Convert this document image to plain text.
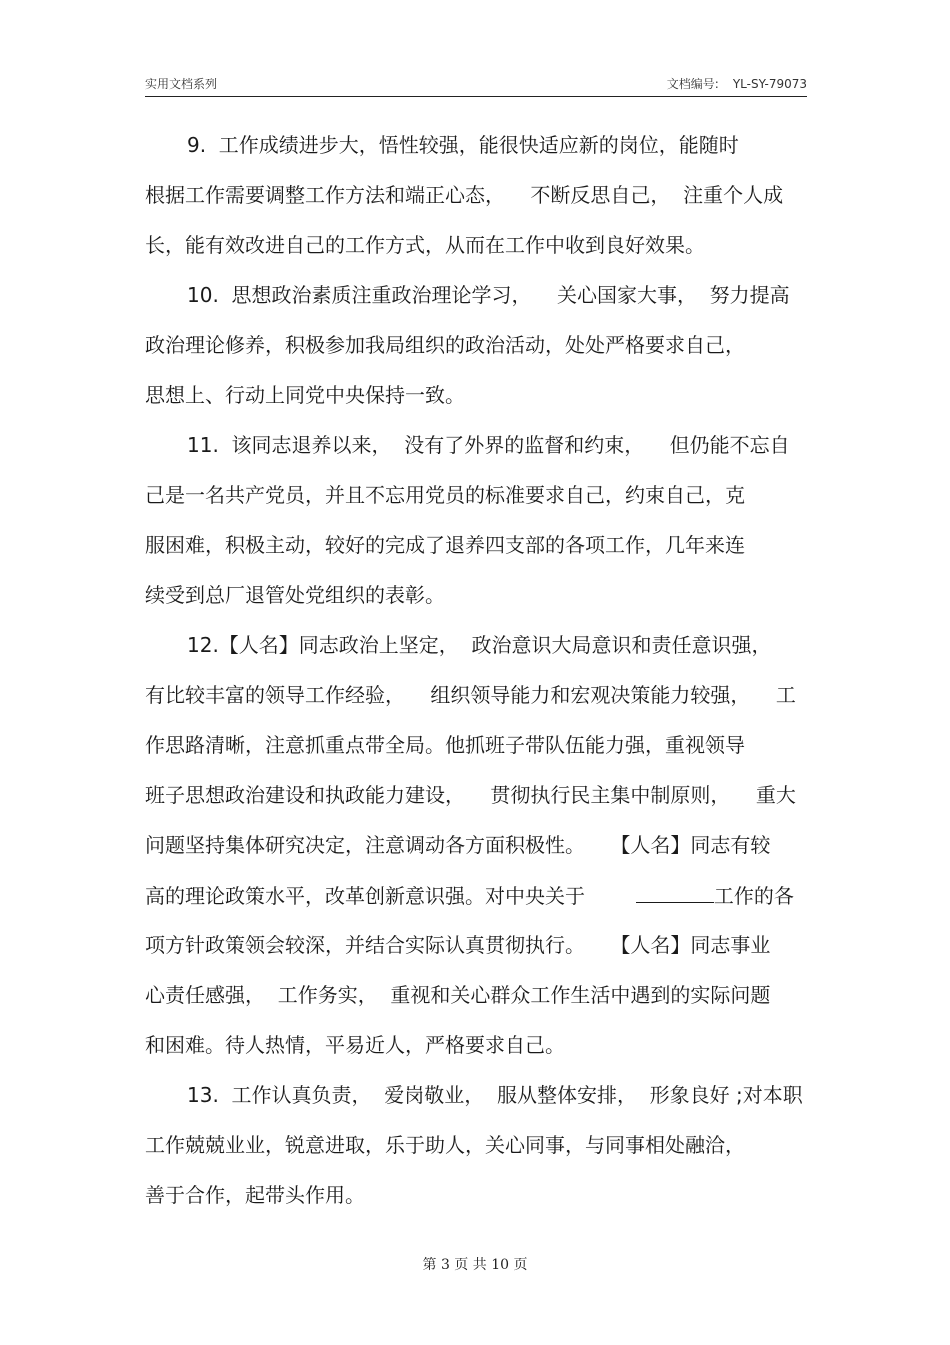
实用文档系列	文档编号: YL-SY-79073
9.  工作成绩进步大，悟性较强，能很快适应新的岗位，能随时
根据工作需要调整工作方法和端正心态，    不断反思自己，  注重个人成
长，能有效改进自己的工作方式，从而在工作中收到良好效果。
10.  思想政治素质注重政治理论学习，    关心国家大事，  努力提高
政治理论修养，积极参加我局组织的政治活动，处处严格要求自己，
思想上、行动上同党中央保持一致。
11.  该同志退养以来，  没有了外界的监督和约束，    但仍能不忘自
己是一名共产党员，并且不忘用党员的标准要求自己，约束自己，克
服困难，积极主动，较好的完成了退养四支部的各项工作，几年来连
续受到总厂退管处党组织的表彰。
12.【人名】同志政治上坚定，  政治意识大局意识和责任意识强，
有比较丰富的领导工作经验，    组织领导能力和宏观决策能力较强，    工
作思路清晰，注意抓重点带全局。他抓班子带队伍能力强，重视领导
班子思想政治建设和执政能力建设，    贯彻执行民主集中制原则，    重大
问题坚持集体研究决定，注意调动各方面积极性。    【人名】同志有较
高的理论政策水平，改革创新意识强。对中央关于	工作的各
项方针政策领会较深，并结合实际认真贯彻执行。    【人名】同志事业
心责任感强，  工作务实，  重视和关心群众工作生活中遇到的实际问题
和困难。待人热情，平易近人，严格要求自己。
13.  工作认真负责，  爱岗敬业，  服从整体安排，  形象良好 ;对本职
工作兢兢业业，锐意进取，乐于助人，关心同事，与同事相处融洽，
善于合作，起带头作用。
第 3 页 共 10 页
